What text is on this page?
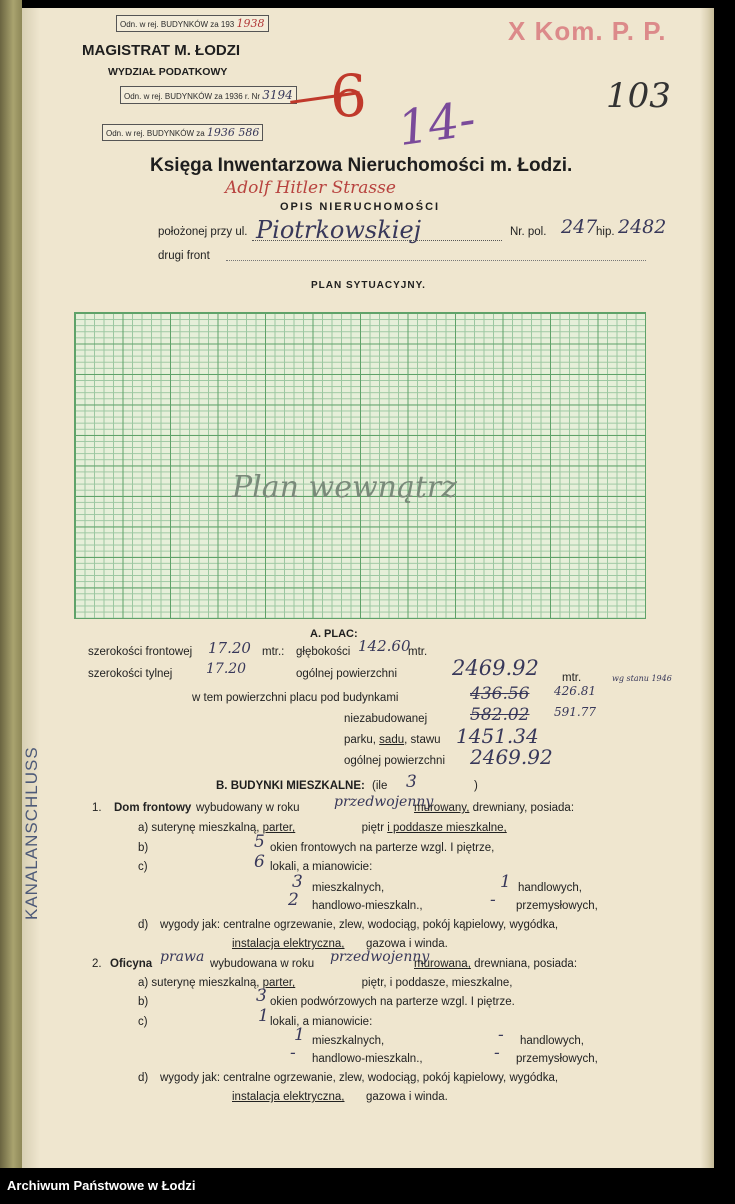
KANALANSCHLUSS
Odn. w rej. BUDYNKÓW za 193 1938
Odn. w rej. BUDYNKÓW za 1936 r. Nr 3194
Odn. w rej. BUDYNKÓW za 1936 586
MAGISTRAT M. ŁODZI
WYDZIAŁ PODATKOWY
X Kom. P. P.
6 14-	103
Księga Inwentarzowa Nieruchomości m. Łodzi.
Adolf Hitler Strasse
OPIS NIERUCHOMOŚCI
położonej przy ul. Piotrkowskiej	Nr. pol. 247
hip. 2482
drugi front
PLAN SYTUACYJNY.
Plan wewnątrz
A. PLAC:
szerokości frontowej 17.20 mtr.: głębokości 142.60
mtr.
szerokości tylnej 17.20	ogólnej powierzchni	2469.92 mtr.
w tem powierzchni placu pod budynkami	436.56 426.81
wg stanu 1946
niezabudowanej	582.02 591.77
parku, sadu, stawu 1451.34
ogólnej powierzchni 2469.92
B. BUDYNKI MIESZKALNE: (ile 3	)
1. Dom frontowy wybudowany w roku przedwojenny
murowany, drewniany, posiada:
a) suterynę mieszkalną, parter,	piętr i poddasze mieszkalne,
b)	5 okien frontowych na parterze wzgl. I piętrze,
c)	6 lokali, a mianowicie:
3 mieszkalnych,	1 handlowych,
2 handlowo-mieszkaln.,	- przemysłowych,
d) wygody jak: centralne ogrzewanie, zlew, wodociąg, pokój kąpielowy, wygódka,
instalacja elektryczna, gazowa i winda.
2. Oficyna prawa wybudowana w roku przedwojenny
murowana, drewniana, posiada:
a) suterynę mieszkalną, parter,	piętr, i poddasze, mieszkalne,
b)	3 okien podwórzowych na parterze wzgl. I piętrze.
c)	1 lokali, a mianowicie:
1 mieszkalnych,	- handlowych,
- handlowo-mieszkaln.,	- przemysłowych,
d) wygody jak: centralne ogrzewanie, zlew, wodociąg, pokój kąpielowy, wygódka,
instalacja elektryczna, gazowa i winda.
Archiwum Państwowe w Łodzi
